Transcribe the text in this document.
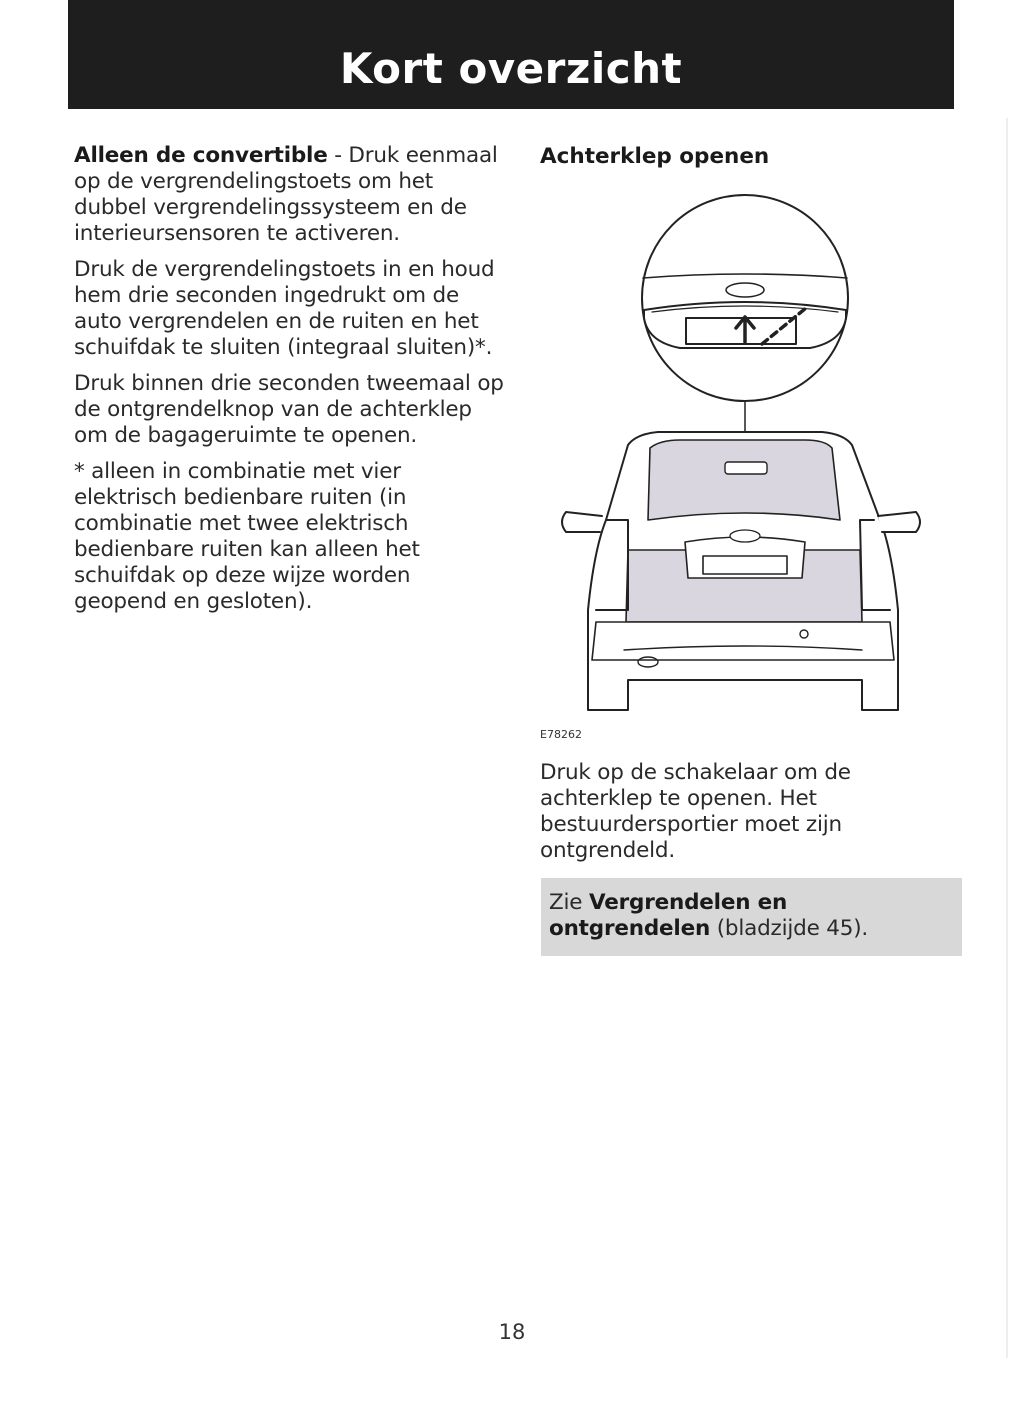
Kort overzicht

Alleen de convertible - Druk eenmaal op de vergrendelingstoets om het dubbel vergrendelingssysteem en de interieursensoren te activeren.

Druk de vergrendelingstoets in en houd hem drie seconden ingedrukt om de auto vergrendelen en de ruiten en het schuifdak te sluiten (integraal sluiten)*.

Druk binnen drie seconden tweemaal op de ontgrendelknop van de achterklep om de bagageruimte te openen.

* alleen in combinatie met vier elektrisch bedienbare ruiten (in combinatie met twee elektrisch bedienbare ruiten kan alleen het schuifdak op deze wijze worden geopend en gesloten).

Achterklep openen
E78262

Druk op de schakelaar om de achterklep te openen. Het bestuurdersportier moet zijn ontgrendeld.

Zie Vergrendelen en ontgrendelen (bladzijde 45).

18
